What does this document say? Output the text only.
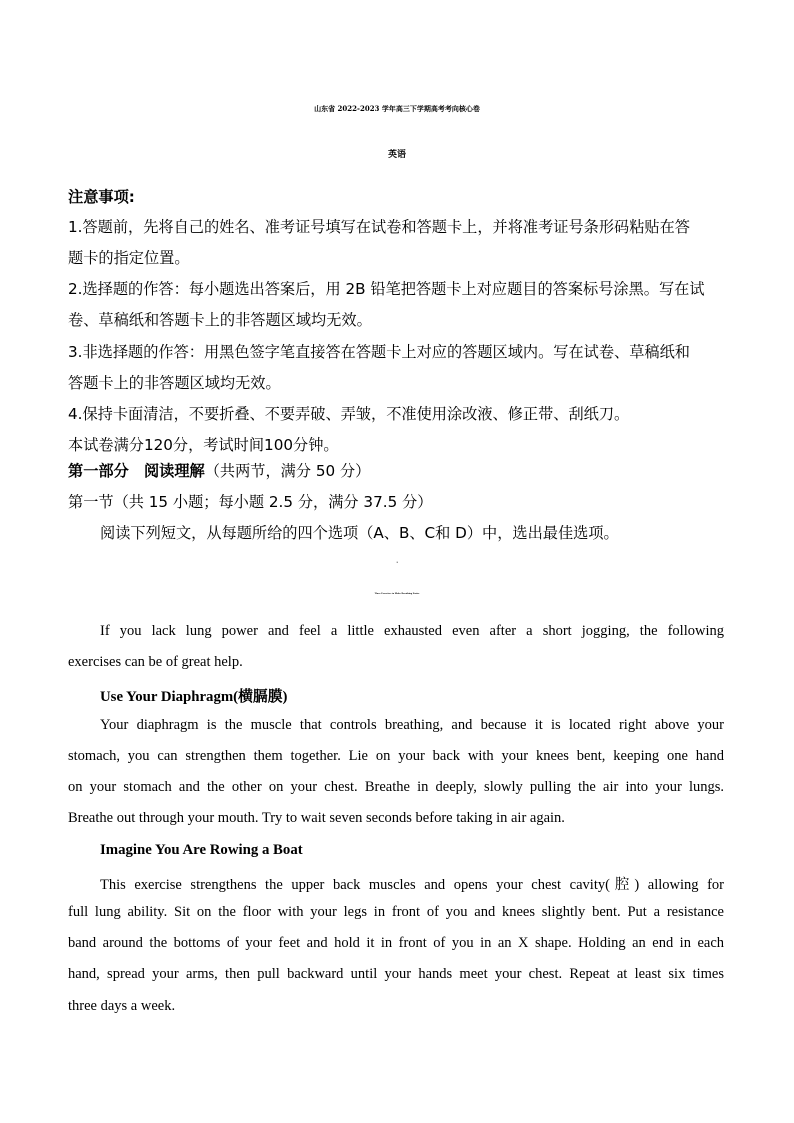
山东省 2022-2023 学年高三下学期高考考向核心卷
英语
注意事项:
1.答题前，先将自己的姓名、准考证号填写在试卷和答题卡上，并将准考证号条形码粘贴在答
题卡的指定位置。
2.选择题的作答：每小题选出答案后，用 2B 铅笔把答题卡上对应题目的答案标号涂黑。写在试
卷、草稿纸和答题卡上的非答题区域均无效。
3.非选择题的作答：用黑色签字笔直接答在答题卡上对应的答题区域内。写在试卷、草稿纸和
答题卡上的非答题区域均无效。
4.保持卡面清洁，不要折叠、不要弄破、弄皱，不准使用涂改液、修正带、刮纸刀。
本试卷满分120分，考试时间100分钟。
第一部分　阅读理解（共两节，满分 50 分）
第一节（共 15 小题；每小题 2.5 分，满分 37.5 分）
阅读下列短文，从每题所给的四个选项（A、B、C和 D）中，选出最佳选项。
A
Three Exercises to Make Breathing Easier
If you lack lung power and feel a little exhausted even after a short jogging, the following
exercises can be of great help.
Use Your Diaphragm(横膈膜)
Your diaphragm is the muscle that controls breathing, and because it is located right above your
stomach, you can strengthen them together. Lie on your back with your knees bent, keeping one hand
on your stomach and the other on your chest. Breathe in deeply, slowly pulling the air into your lungs.
Breathe out through your mouth. Try to wait seven seconds before taking in air again.
Imagine You Are Rowing a Boat
This exercise strengthens the upper back muscles and opens your chest cavity(腔) allowing for
full lung ability. Sit on the floor with your legs in front of you and knees slightly bent. Put a resistance
band around the bottoms of your feet and hold it in front of you in an X shape. Holding an end in each
hand, spread your arms, then pull backward until your hands meet your chest. Repeat at least six times
three days a week.
